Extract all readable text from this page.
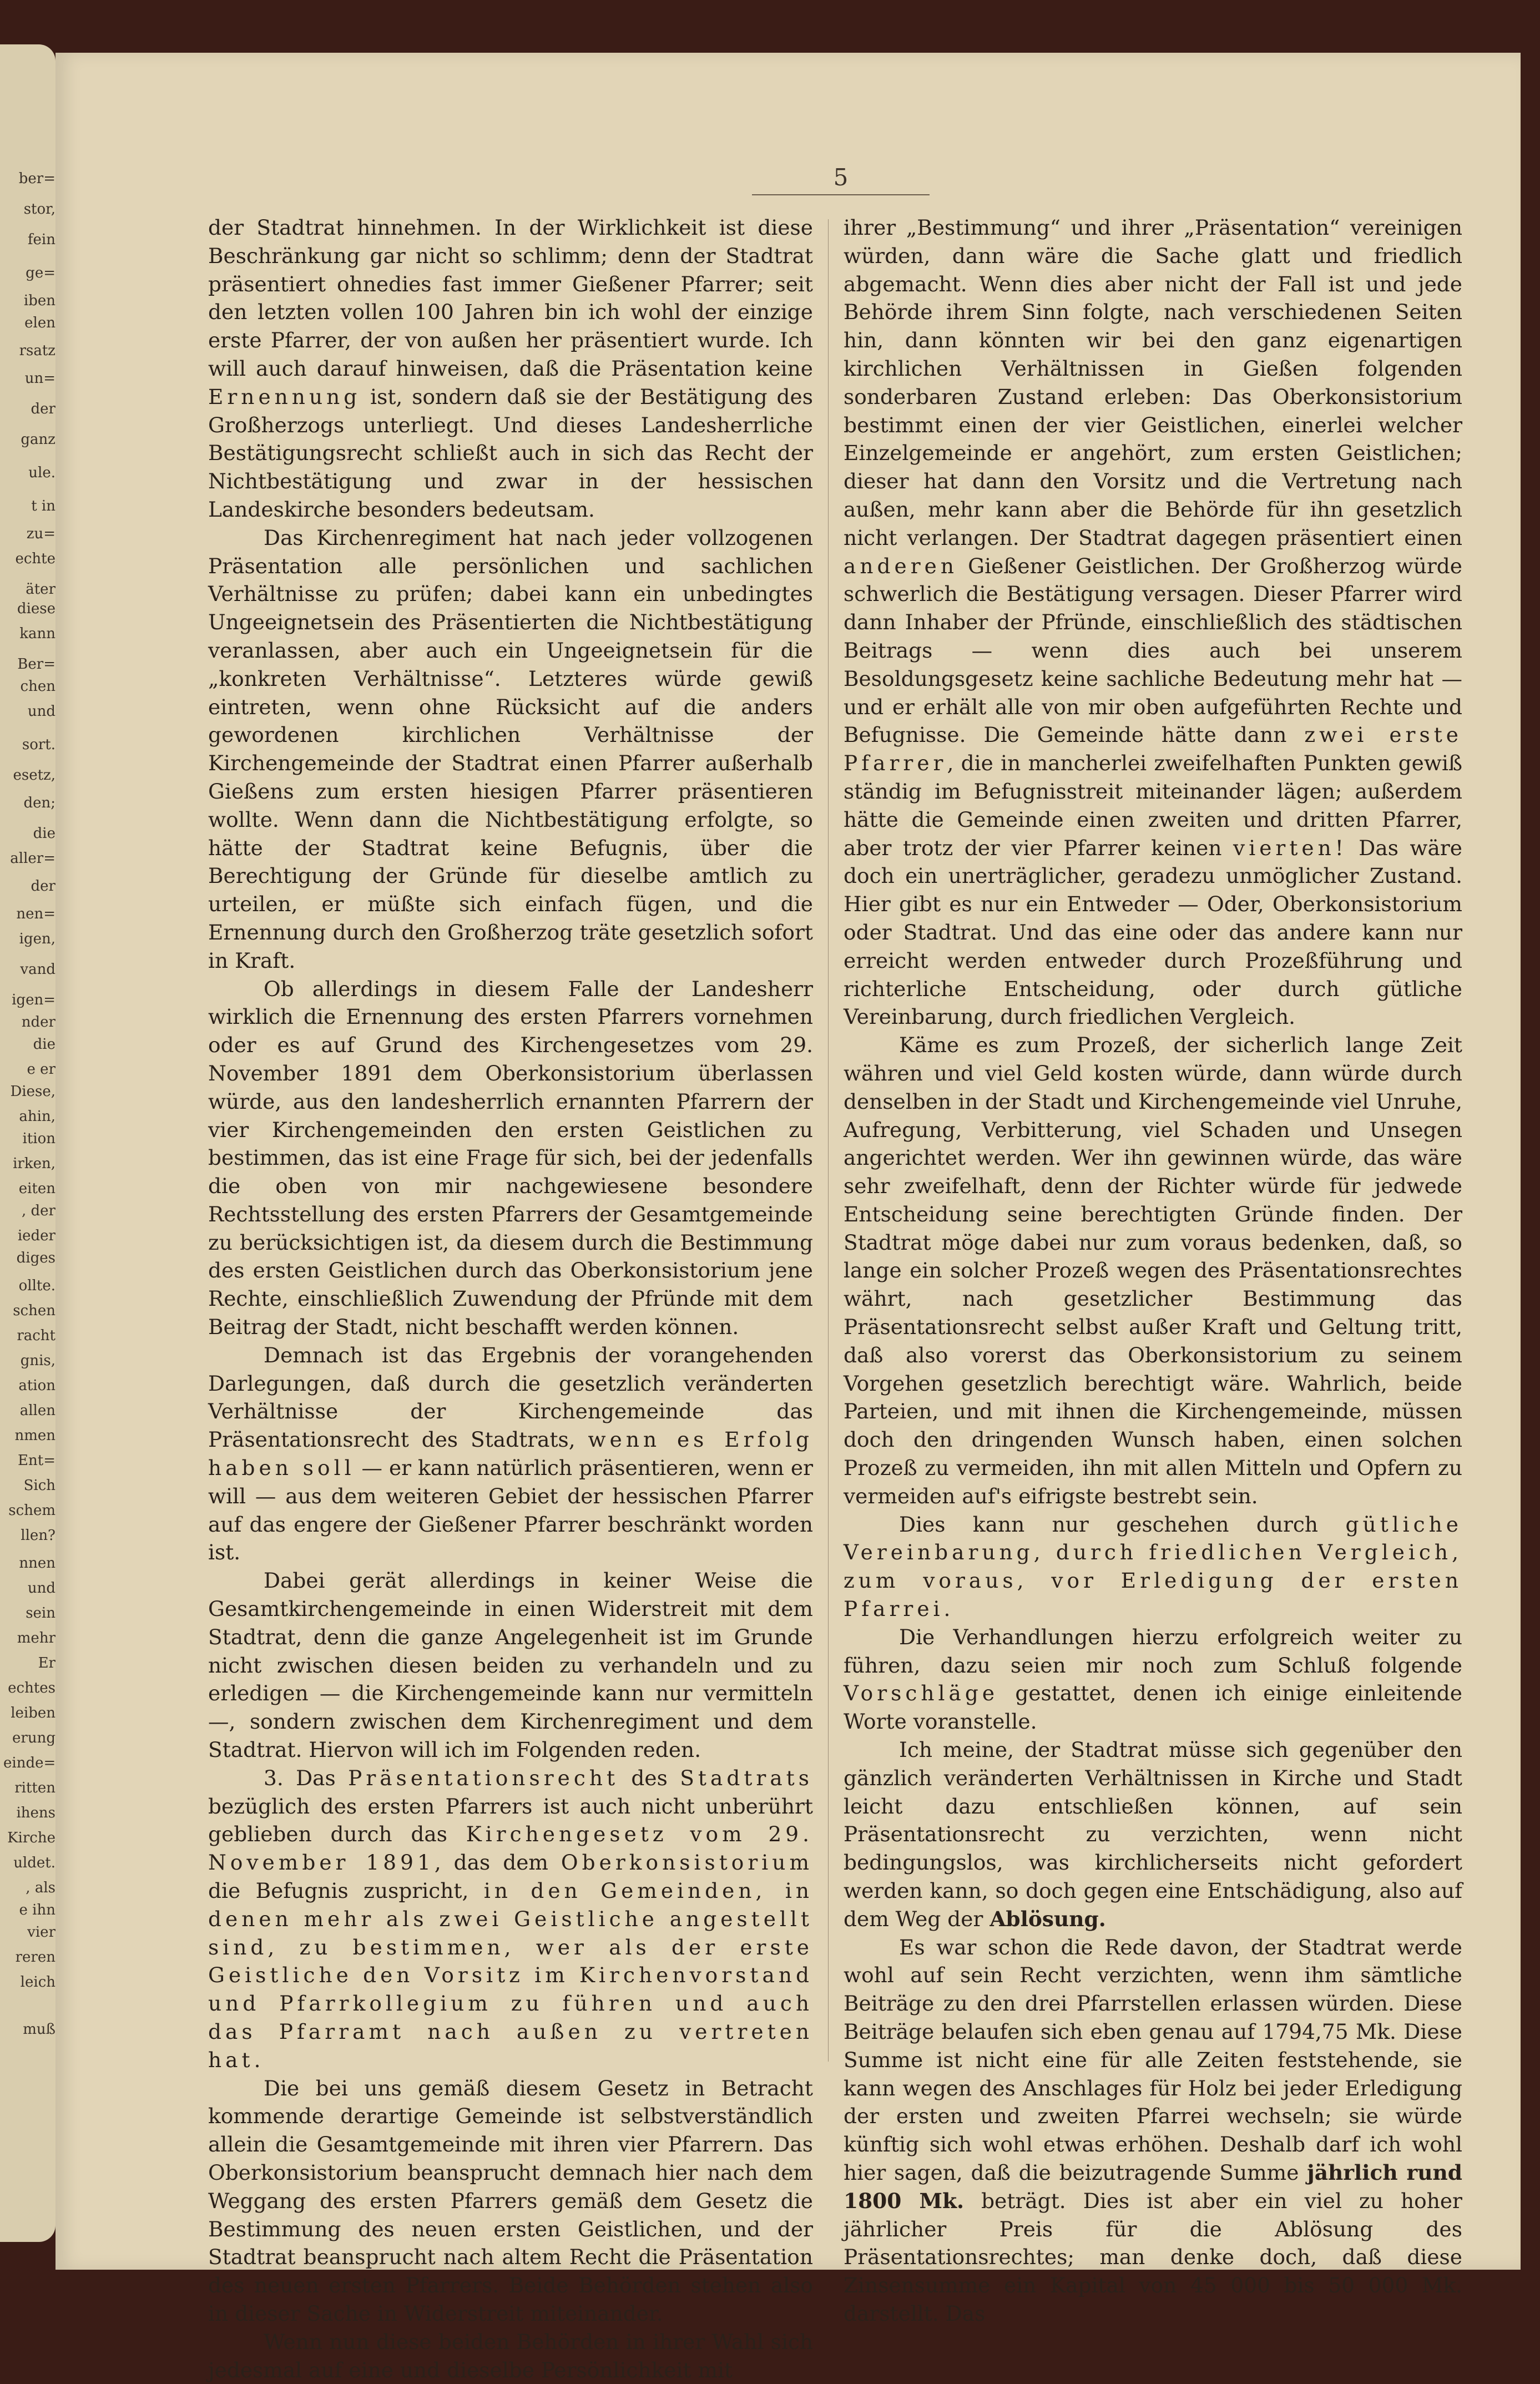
ber=
stor,
fein
ge=
iben
elen
rsatz
un=
der
ganz
ule.
t in
zu=
echte
äter
diese
kann
Ber=
chen
und
sort.
esetz,
den;
die
aller=
der
nen=
igen,
vand
igen=
nder
die
e er
Diese,
ahin,
ition
irken,
eiten
, der
ieder
diges
ollte.
schen
racht
gnis,
ation
allen
nmen
Ent=
Sich
schem
llen?
nnen
und
sein
mehr
Er
echtes
leiben
erung
einde=
ritten
ihens
Kirche
uldet.
, als
e ihn
vier
reren
leich
muß
5

der Stadtrat hinnehmen. In der Wirklichkeit ist diese Beschränkung gar nicht so schlimm; denn der Stadtrat präsentiert ohnedies fast immer Gießener Pfarrer; seit den letzten vollen 100 Jahren bin ich wohl der einzige erste Pfarrer, der von außen her präsentiert wurde. Ich will auch darauf hinweisen, daß die Präsentation keine Ernennung ist, sondern daß sie der Bestätigung des Großherzogs unterliegt. Und dieses Landesherrliche Bestätigungsrecht schließt auch in sich das Recht der Nichtbestätigung und zwar in der hessischen Landeskirche besonders bedeutsam.

Das Kirchenregiment hat nach jeder vollzogenen Präsentation alle persönlichen und sachlichen Verhältnisse zu prüfen; dabei kann ein unbedingtes Ungeeignetsein des Präsentierten die Nichtbestätigung veranlassen, aber auch ein Ungeeignetsein für die „konkreten Verhältnisse“. Letzteres würde gewiß eintreten, wenn ohne Rücksicht auf die anders gewordenen kirchlichen Verhältnisse der Kirchengemeinde der Stadtrat einen Pfarrer außerhalb Gießens zum ersten hiesigen Pfarrer präsentieren wollte. Wenn dann die Nichtbestätigung erfolgte, so hätte der Stadtrat keine Befugnis, über die Berechtigung der Gründe für dieselbe amtlich zu urteilen, er müßte sich einfach fügen, und die Ernennung durch den Großherzog träte gesetzlich sofort in Kraft.

Ob allerdings in diesem Falle der Landesherr wirklich die Ernennung des ersten Pfarrers vornehmen oder es auf Grund des Kirchengesetzes vom 29. November 1891 dem Oberkonsistorium überlassen würde, aus den landesherrlich ernannten Pfarrern der vier Kirchengemeinden den ersten Geistlichen zu bestimmen, das ist eine Frage für sich, bei der jedenfalls die oben von mir nachgewiesene besondere Rechtsstellung des ersten Pfarrers der Gesamtgemeinde zu berücksichtigen ist, da diesem durch die Bestimmung des ersten Geistlichen durch das Oberkonsistorium jene Rechte, einschließlich Zuwendung der Pfründe mit dem Beitrag der Stadt, nicht beschafft werden können.

Demnach ist das Ergebnis der vorangehenden Darlegungen, daß durch die gesetzlich veränderten Verhältnisse der Kirchengemeinde das Präsentationsrecht des Stadtrats, wenn es Erfolg haben soll — er kann natürlich präsentieren, wenn er will — aus dem weiteren Gebiet der hessischen Pfarrer auf das engere der Gießener Pfarrer beschränkt worden ist.

Dabei gerät allerdings in keiner Weise die Gesamtkirchengemeinde in einen Widerstreit mit dem Stadtrat, denn die ganze Angelegenheit ist im Grunde nicht zwischen diesen beiden zu verhandeln und zu erledigen — die Kirchengemeinde kann nur vermitteln —, sondern zwischen dem Kirchenregiment und dem Stadtrat. Hiervon will ich im Folgenden reden.

3. Das Präsentationsrecht des Stadtrats bezüglich des ersten Pfarrers ist auch nicht unberührt geblieben durch das Kirchengesetz vom 29. November 1891, das dem Oberkonsistorium die Befugnis zuspricht, in den Gemeinden, in denen mehr als zwei Geistliche angestellt sind, zu bestimmen, wer als der erste Geistliche den Vorsitz im Kirchenvorstand und Pfarrkollegium zu führen und auch das Pfarramt nach außen zu vertreten hat.

Die bei uns gemäß diesem Gesetz in Betracht kommende derartige Gemeinde ist selbstverständlich allein die Gesamtgemeinde mit ihren vier Pfarrern. Das Oberkonsistorium beansprucht demnach hier nach dem Weggang des ersten Pfarrers gemäß dem Gesetz die Bestimmung des neuen ersten Geistlichen, und der Stadtrat beansprucht nach altem Recht die Präsentation des neuen ersten Pfarrers. Beide Behörden stehen also in dieser Sache in Widerstreit miteinander.

Wenn nun diese beiden Behörden in ihrer Wahl sich jedesmal auf eine und dieselbe Persönlichkeit mit

ihrer „Bestimmung“ und ihrer „Präsentation“ vereinigen würden, dann wäre die Sache glatt und friedlich abgemacht. Wenn dies aber nicht der Fall ist und jede Behörde ihrem Sinn folgte, nach verschiedenen Seiten hin, dann könnten wir bei den ganz eigenartigen kirchlichen Verhältnissen in Gießen folgenden sonderbaren Zustand erleben: Das Oberkonsistorium bestimmt einen der vier Geistlichen, einerlei welcher Einzelgemeinde er angehört, zum ersten Geistlichen; dieser hat dann den Vorsitz und die Vertretung nach außen, mehr kann aber die Behörde für ihn gesetzlich nicht verlangen. Der Stadtrat dagegen präsentiert einen anderen Gießener Geistlichen. Der Großherzog würde schwerlich die Bestätigung versagen. Dieser Pfarrer wird dann Inhaber der Pfründe, einschließlich des städtischen Beitrags — wenn dies auch bei unserem Besoldungsgesetz keine sachliche Bedeutung mehr hat — und er erhält alle von mir oben aufgeführten Rechte und Befugnisse. Die Gemeinde hätte dann zwei erste Pfarrer, die in mancherlei zweifelhaften Punkten gewiß ständig im Befugnisstreit miteinander lägen; außerdem hätte die Gemeinde einen zweiten und dritten Pfarrer, aber trotz der vier Pfarrer keinen vierten! Das wäre doch ein unerträglicher, geradezu unmöglicher Zustand. Hier gibt es nur ein Entweder — Oder, Oberkonsistorium oder Stadtrat. Und das eine oder das andere kann nur erreicht werden entweder durch Prozeßführung und richterliche Entscheidung, oder durch gütliche Vereinbarung, durch friedlichen Vergleich.

Käme es zum Prozeß, der sicherlich lange Zeit währen und viel Geld kosten würde, dann würde durch denselben in der Stadt und Kirchengemeinde viel Unruhe, Aufregung, Verbitterung, viel Schaden und Unsegen angerichtet werden. Wer ihn gewinnen würde, das wäre sehr zweifelhaft, denn der Richter würde für jedwede Entscheidung seine berechtigten Gründe finden. Der Stadtrat möge dabei nur zum voraus bedenken, daß, so lange ein solcher Prozeß wegen des Präsentationsrechtes währt, nach gesetzlicher Bestimmung das Präsentationsrecht selbst außer Kraft und Geltung tritt, daß also vorerst das Oberkonsistorium zu seinem Vorgehen gesetzlich berechtigt wäre. Wahrlich, beide Parteien, und mit ihnen die Kirchengemeinde, müssen doch den dringenden Wunsch haben, einen solchen Prozeß zu vermeiden, ihn mit allen Mitteln und Opfern zu vermeiden auf's eifrigste bestrebt sein.

Dies kann nur geschehen durch gütliche Vereinbarung, durch friedlichen Vergleich, zum voraus, vor Erledigung der ersten Pfarrei.

Die Verhandlungen hierzu erfolgreich weiter zu führen, dazu seien mir noch zum Schluß folgende Vorschläge gestattet, denen ich einige einleitende Worte voranstelle.

Ich meine, der Stadtrat müsse sich gegenüber den gänzlich veränderten Verhältnissen in Kirche und Stadt leicht dazu entschließen können, auf sein Präsentationsrecht zu verzichten, wenn nicht bedingungslos, was kirchlicherseits nicht gefordert werden kann, so doch gegen eine Entschädigung, also auf dem Weg der Ablösung.

Es war schon die Rede davon, der Stadtrat werde wohl auf sein Recht verzichten, wenn ihm sämtliche Beiträge zu den drei Pfarrstellen erlassen würden. Diese Beiträge belaufen sich eben genau auf 1794,75 Mk. Diese Summe ist nicht eine für alle Zeiten feststehende, sie kann wegen des Anschlages für Holz bei jeder Erledigung der ersten und zweiten Pfarrei wechseln; sie würde künftig sich wohl etwas erhöhen. Deshalb darf ich wohl hier sagen, daß die beizutragende Summe jährlich rund 1800 Mk. beträgt. Dies ist aber ein viel zu hoher jährlicher Preis für die Ablösung des Präsentationsrechtes; man denke doch, daß diese Zinsensumme ein Kapital von 45 000 bis 50 000 Mk. darstellt. Das
